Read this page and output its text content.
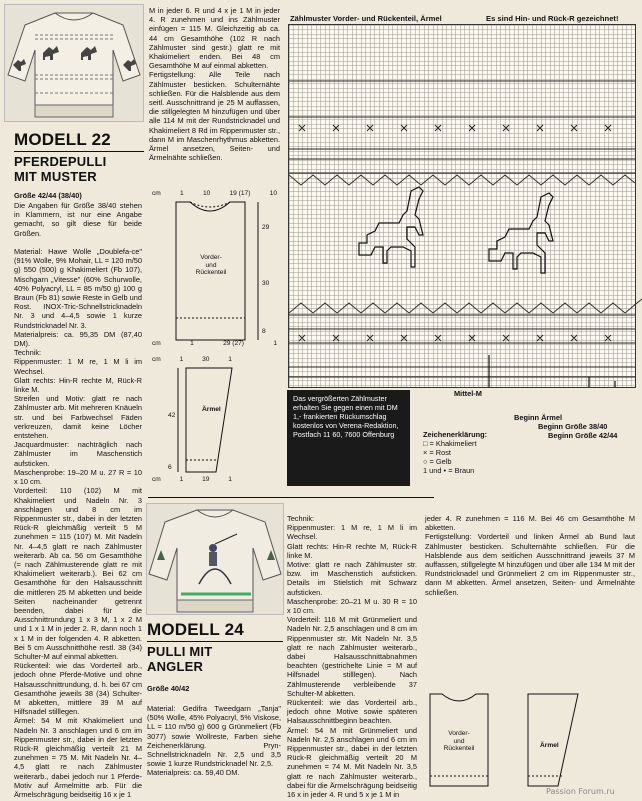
MODELL 22
PFERDEPULLI
MIT MUSTER
Größe 42/44 (38/40)
Die Angaben für Größe 38/40 stehen in Klammern, ist nur eine Angabe gemacht, so gilt diese für beide Größen.

Material: Hawe Wolle „Doublefa-ce" (91% Wolle, 9% Mohair, LL = 120 m/50 g) 550 (500) g Khakimeliert (Fb 107), Mischgarn „Vitesse" (60% Schurwolle, 40% Polyacryl, LL = 85 m/50 g) 100 g Braun (Fb 81) sowie Reste in Gelb und Rost. INOX-Tric-Schnellstricknadeln Nr. 3 und 4–4,5 sowie 1 kurze Rundstricknadel Nr. 3.
Materialpreis: ca. 95,35 DM (87,40 DM).
Technik:
Rippenmuster: 1 M re, 1 M li im Wechsel.
Glatt rechts: Hin-R rechte M, Rück-R linke M.
Streifen und Motiv: glatt re nach Zählmuster arb. Mit mehreren Knäueln str. und bei Farbwechsel Fäden verkreuzen, damit keine Löcher entstehen.
Jacquardmuster: nachträglich nach Zählmuster im Maschenstich aufsticken.
Maschenprobe: 19–20 M u. 27 R = 10 x 10 cm.
Vorderteil: 110 (102) M mit Khakimeliert und Nadeln Nr. 3 anschlagen und 8 cm im Rippenmuster str., dabei in der letzten Rück-R gleichmäßig verteilt 5 M zunehmen = 115 (107) M. Mit Nadeln Nr. 4–4,5 glatt re nach Zählmuster weiterarb. Ab ca. 56 cm Gesamthöhe (= nach Zählmusterende glatt re mit Khakimeliert weiterarb.). Bei 62 cm Gesamthöhe für den Halsausschnitt die mittleren 25 M abketten und beide Seiten nacheinander getrennt beenden, dabei für die Ausschnittrundung 1 x 3 M, 1 x 2 M und 1 x 1 M in jeder 2. R, dann noch 1 x 1 M in der folgenden 4. R abketten. Bei 5 cm Ausschnitthöhe restl. 38 (34) Schulter-M auf einmal abketten.
Rückenteil: wie das Vorderteil arb., jedoch ohne Pferde-Motive und ohne Halsausschnittrundung, d. h. bei 67 cm Gesamthöhe jeweils 38 (34) Schulter-M abketten, mittlere 39 M auf Hilfsnadel stilllegen.
Ärmel: 54 M mit Khakimeliert und Nadeln Nr. 3 anschlagen und 6 cm im Rippenmuster str., dabei in der letzten Rück-R gleichmäßig verteilt 21 M zunehmen = 75 M. Mit Nadeln Nr. 4–4,5 glatt re nach Zählmuster weiterarb., dabei jedoch nur 1 Pferde-Motiv auf Ärmelmitte arb. Für die Ärmelschrägung beidseitig 16 x je 1
M in jeder 6. R und 4 x je 1 M in jeder 4. R zunehmen und ins Zählmuster einfügen = 115 M. Gleichzeitig ab ca. 44 cm Gesamthöhe (102 R nach Zählmuster sind gestr.) glatt re mit Khakimeliert enden. Bei 48 cm Gesamthöhe M auf einmal abketten.
Fertigstellung: Alle Teile nach Zählmuster besticken. Schulternähte schließen. Für die Halsblende aus dem seitl. Ausschnittrand je 25 M auffassen, die stillgelegten M hinzufügen und über alle 114 M mit der Rundstricknadel und Khakimeliert 8 Rd im Rippenmuster str., dann M im Maschenrhythmus abketten. Ärmel ansetzen, Seiten- und Ärmelnähte schließen.
cm	1	10	19 (17)	10
29
30
8
Vorder-
und
Rückenteil
cm	1	29 (27)	1
cm	1	30	1
42
6
Ärmel
cm	1	19	1
Zählmuster Vorder- und Rückenteil, Ärmel	Es sind Hin- und Rück-R gezeichnet!
Mittel-M
Beginn Ärmel
Beginn Größe 38/40
Beginn Größe 42/44
Das vergrößerten Zählmuster erhalten Sie gegen einen mit DM 1,- frankierten Rückumschlag kostenlos von Verena-Redaktion, Postfach 11 60, 7600 Offenburg	Zeichenerklärung:
□ = Khakimeliert
× = Rost
○ = Gelb
1 und • = Braun
MODELL 24
PULLI MIT
ANGLER
Größe 40/42
Material: Gedifra Tweedgarn „Tanja" (50% Wolle, 45% Polyacryl, 5% Viskose, LL = 110 m/50 g) 600 g Grünmeliert (Fb 3077) sowie Wollreste, Farben siehe Zeichenerklärung. Pryn-Schnellstricknadeln Nr. 2,5 und 3,5 sowie 1 kurze Rundstricknadel Nr. 2,5.
Materialpreis: ca. 59,40 DM.
Technik:
Rippenmuster: 1 M re, 1 M li im Wechsel.
Glatt rechts: Hin-R rechte M, Rück-R linke M.
Motive: glatt re nach Zählmuster str. bzw. im Maschenstich aufsticken. Details im Stielstich mit Schwarz aufsticken.
Maschenprobe: 20–21 M u. 30 R = 10 x 10 cm.
Vorderteil: 116 M mit Grünmeliert und Nadeln Nr. 2,5 anschlagen und 8 cm im Rippenmuster str. Mit Nadeln Nr. 3,5 glatt re nach Zählmuster weiterarb., dabei Halsausschnittabnahmen beachten (gestrichelte Linie = M auf Hilfsnadel stilllegen). Nach Zählmusterende verbleibende 37 Schulter-M abketten.
Rückenteil: wie das Vorderteil arb., jedoch ohne Motive sowie späteren Halsausschnittbeginn beachten.
Ärmel: 54 M mit Grünmeliert und Nadeln Nr. 2,5 anschlagen und 6 cm im Rippenmuster str., dabei in der letzten Rück-R gleichmäßig verteilt 20 M zunehmen = 74 M. Mit Nadeln Nr. 3,5 glatt re nach Zählmuster weiterarb., dabei für die Ärmelschrägung beidseitig 16 x in jeder 4. R und 5 x je 1 M in
jeder 4. R zunehmen = 116 M. Bei 46 cm Gesamthöhe M abketten.
Fertigstellung: Vorderteil und linken Ärmel ab Bund laut Zählmuster besticken. Schulternähte schließen. Für die Halsblende aus dem seitlichen Ausschnittrand jeweils 37 M auffassen, stillgelegte M hinzufügen und über alle 134 M mit der Rundstricknadel und Grünmeliert 2 cm im Rippenmuster str., dann M abketten. Ärmel ansetzen, Seiten- und Ärmelnähte schließen.
Vorder-
und
Rückenteil	Ärmel
Passion Forum.ru
